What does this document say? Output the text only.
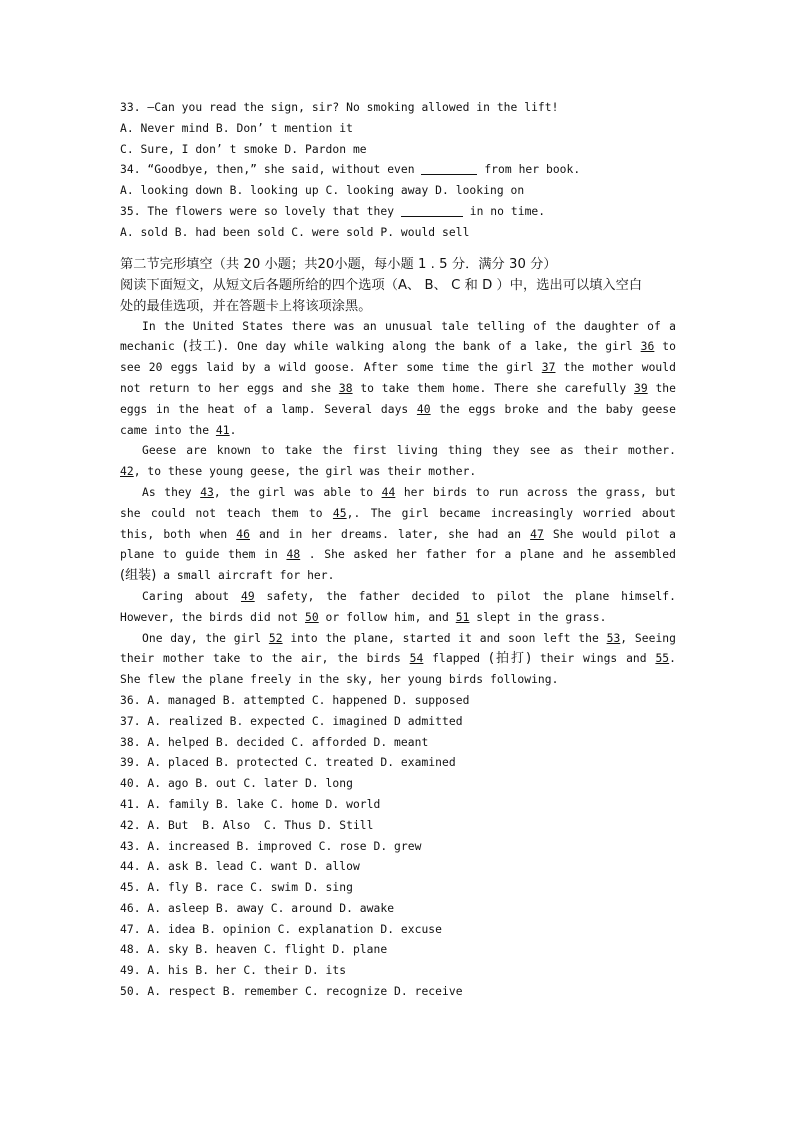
33. —Can you read the sign, sir? No smoking allowed in the lift!
A. Never mind B. Don’ t mention it
C. Sure, I don’ t smoke D. Pardon me
34. “Goodbye, then,” she said, without even	from her book.
A. looking down B. looking up C. looking away D. looking on
35. The flowers were so lovely that they	in no time.
A. sold B. had been sold C. were sold P. would sell
第二节完形填空（共 20 小题；共20小题，每小题 1 . 5 分．满分 30 分）
阅读下面短文，从短文后各题所给的四个选项（A、 B、 C 和 D ）中，选出可以填入空白
处的最佳选项，并在答题卡上将该项涂黑。
In the United States there was an unusual tale telling of the daughter of a
mechanic (技工). One day while walking along the bank of a lake, the girl 36 to
see 20 eggs laid by a wild goose. After some time the girl 37 the mother would
not return to her eggs and she 38 to take them home. There she carefully 39 the
eggs in the heat of a lamp. Several days 40 the eggs broke and the baby geese
came into the 41.
Geese are known to take the first living thing they see as their mother.
42, to these young geese, the girl was their mother.
As they 43, the girl was able to 44 her birds to run across the grass, but
she could not teach them to 45,. The girl became increasingly worried about
this, both when 46 and in her dreams. later, she had an 47 She would pilot a
plane to guide them in 48 . She asked her father for a plane and he assembled
(组装) a small aircraft for her.
Caring about 49 safety, the father decided to pilot the plane himself.
However, the birds did not 50 or follow him, and 51 slept in the grass.
One day, the girl 52 into the plane, started it and soon left the 53, Seeing
their mother take to the air, the birds 54 flapped (拍打) their wings and 55.
She flew the plane freely in the sky, her young birds following.
36. A. managed B. attempted C. happened D. supposed
37. A. realized B. expected C. imagined D admitted
38. A. helped B. decided C. afforded D. meant
39. A. placed B. protected C. treated D. examined
40. A. ago B. out C. later D. long
41. A. family B. lake C. home D. world
42. A. But  B. Also  C. Thus D. Still
43. A. increased B. improved C. rose D. grew
44. A. ask B. lead C. want D. allow
45. A. fly B. race C. swim D. sing
46. A. asleep B. away C. around D. awake
47. A. idea B. opinion C. explanation D. excuse
48. A. sky B. heaven C. flight D. plane
49. A. his B. her C. their D. its
50. A. respect B. remember C. recognize D. receive
